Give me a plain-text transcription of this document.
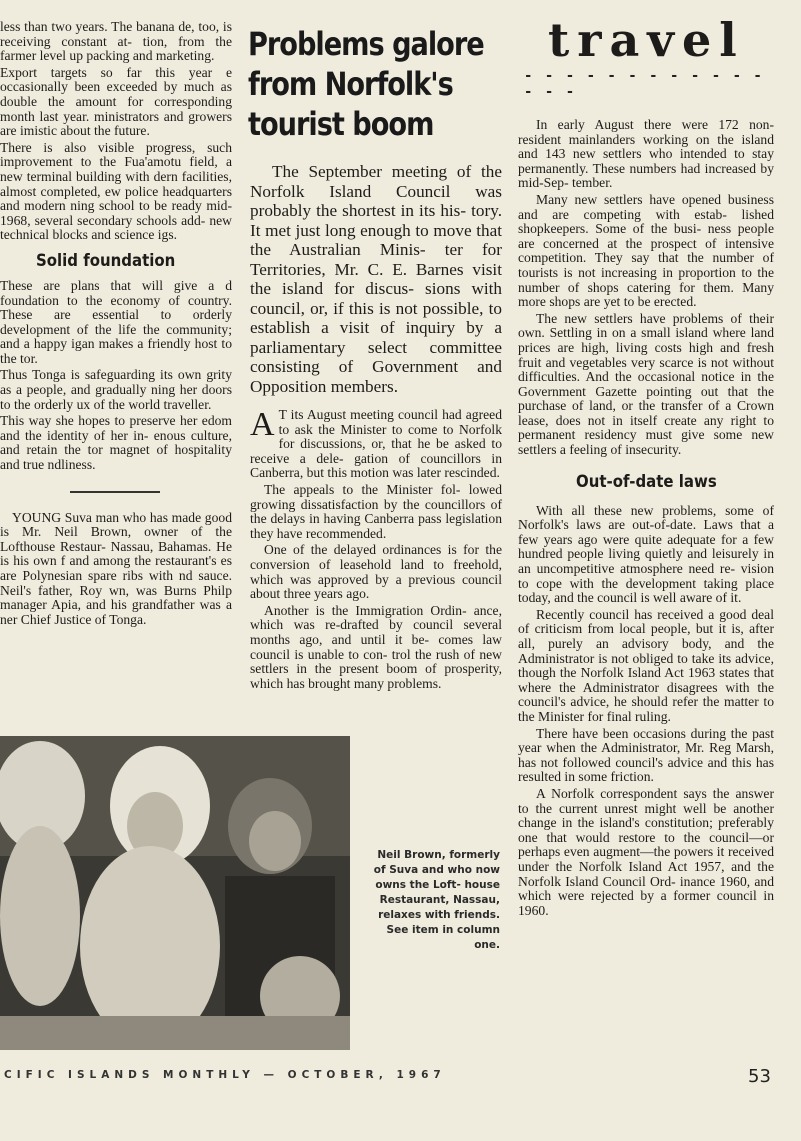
less than two years. The banana de, too, is receiving constant at- tion, from the farmer level up packing and marketing.

Export targets so far this year e occasionally been exceeded by much as double the amount for corresponding month last year. ministrators and growers are imistic about the future.

There is also visible progress, such improvement to the Fua'amotu field, a new terminal building with dern facilities, almost completed, ew police headquarters and modern ning school to be ready mid-1968, several secondary schools add- new technical blocks and science igs.

Solid foundation

These are plans that will give a d foundation to the economy of country. These are essential to orderly development of the life the community; and a happy igan makes a friendly host to the tor.

Thus Tonga is safeguarding its own grity as a people, and gradually ning her doors to the orderly ux of the world traveller.

This way she hopes to preserve her edom and the identity of her in- enous culture, and retain the tor magnet of hospitality and true ndliness.

YOUNG Suva man who has made good is Mr. Neil Brown, owner of the Lofthouse Restaur- Nassau, Bahamas. He is his own f and among the restaurant's es are Polynesian spare ribs with nd sauce. Neil's father, Roy wn, was Burns Philp manager Apia, and his grandfather was a ner Chief Justice of Tonga.

Problems galore from Norfolk's tourist boom

The September meeting of the Norfolk Island Council was probably the shortest in its his- tory. It met just long enough to move that the Australian Minis- ter for Territories, Mr. C. E. Barnes visit the island for discus- sions with council, or, if this is not possible, to establish a visit of inquiry by a parliamentary select committee consisting of Government and Opposition members.

A T its August meeting council had agreed to ask the Minister to come to Norfolk for discussions, or, that he be asked to receive a dele- gation of councillors in Canberra, but this motion was later rescinded.

The appeals to the Minister fol- lowed growing dissatisfaction by the councillors of the delays in having Canberra pass legislation they have recommended.

One of the delayed ordinances is for the conversion of leasehold land to freehold, which was approved by a previous council about three years ago.

Another is the Immigration Ordin- ance, which was re-drafted by council several months ago, and until it be- comes law council is unable to con- trol the rush of new settlers in the present boom of prosperity, which has brought many problems.

travel
- - - - - - - - - - - - - - -

In early August there were 172 non-resident mainlanders working on the island and 143 new settlers who intended to stay permanently. These numbers had increased by mid-Sep- tember.

Many new settlers have opened business and are competing with estab- lished shopkeepers. Some of the busi- ness people are concerned at the prospect of intensive competition. They say that the number of tourists is not increasing in proportion to the number of shops catering for them. Many more shops are yet to be erected.

The new settlers have problems of their own. Settling in on a small island where land prices are high, living costs high and fresh fruit and vegetables very scarce is not without difficulties. And the occasional notice in the Government Gazette pointing out that the purchase of land, or the transfer of a Crown lease, does not in itself create any right to permanent residency must give some new settlers a feeling of insecurity.

Out-of-date laws

With all these new problems, some of Norfolk's laws are out-of-date. Laws that a few years ago were quite adequate for a few hundred people living quietly and leisurely in an uncompetitive atmosphere need re- vision to cope with the development taking place today, and the council is well aware of it.

Recently council has received a good deal of criticism from local people, but it is, after all, purely an advisory body, and the Administrator is not obliged to take its advice, though the Norfolk Island Act 1963 states that where the Administrator disagrees with the council's advice, he should refer the matter to the Minister for final ruling.

There have been occasions during the past year when the Administrator, Mr. Reg Marsh, has not followed council's advice and this has resulted in some friction.

A Norfolk correspondent says the answer to the current unrest might well be another change in the island's constitution; preferably one that would restore to the council—or perhaps even augment—the powers it received under the Norfolk Island Act 1957, and the Norfolk Island Council Ord- inance 1960, and which were rejected by a former council in 1960.

Neil Brown, formerly of Suva and who now owns the Loft- house Restaurant, Nassau, relaxes with friends. See item in column one.

CIFIC ISLANDS MONTHLY — OCTOBER, 1967	53
